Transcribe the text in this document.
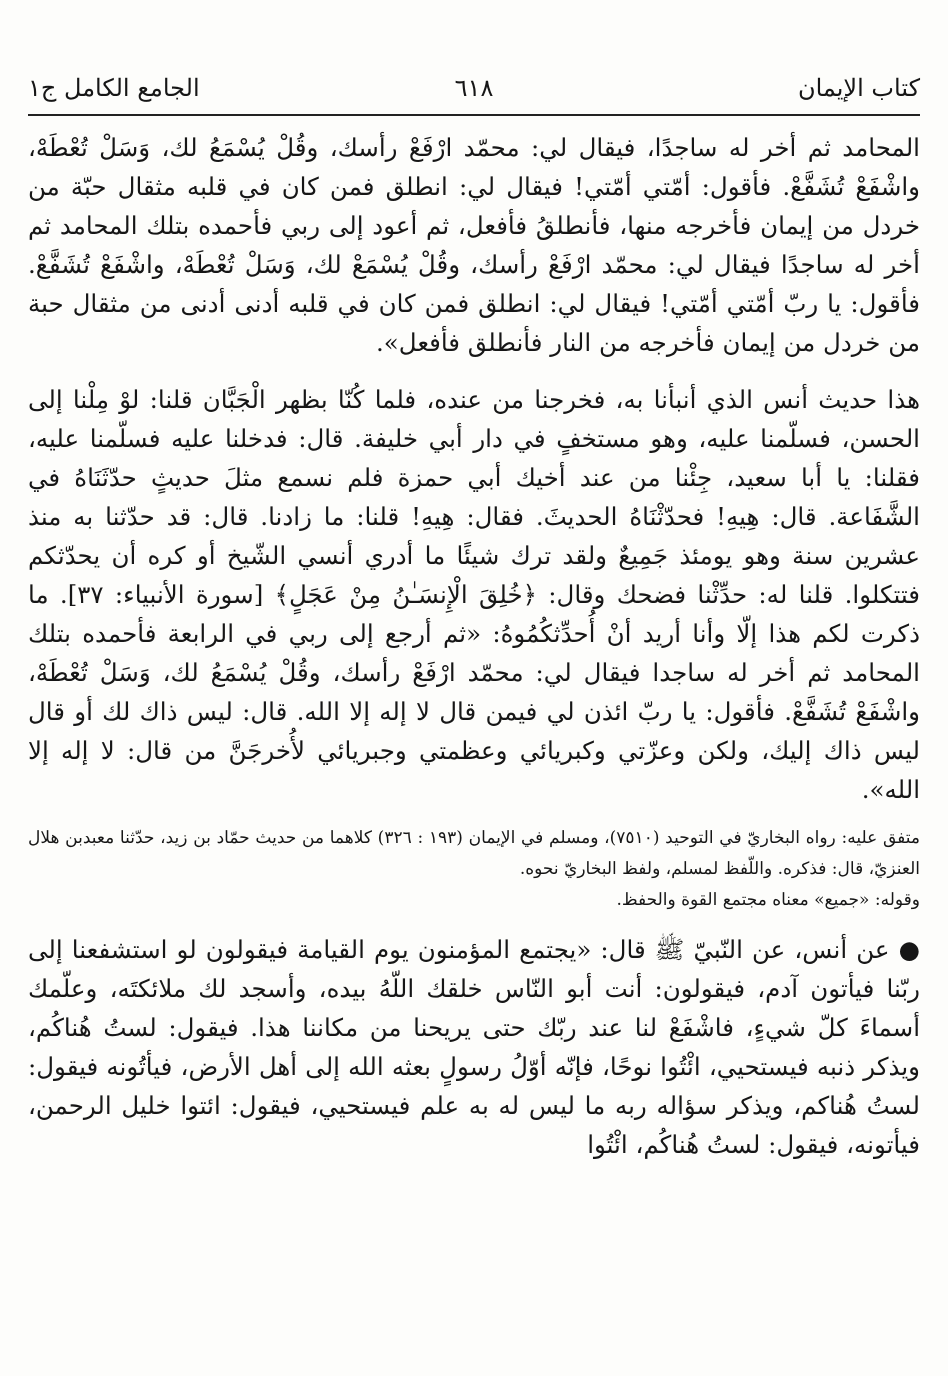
كتاب الإيمان
٦١٨
الجامع الكامل ج١

المحامد ثم أخر له ساجدًا، فيقال لي: محمّد ارْفَعْ رأسك، وقُلْ يُسْمَعُ لك، وَسَلْ تُعْطَهْ، واشْفَعْ تُشَفَّعْ. فأقول: أمّتي أمّتي! فيقال لي: انطلق فمن كان في قلبه مثقال حبّة من خردل من إيمان فأخرجه منها، فأنطلقُ فأفعل، ثم أعود إلى ربي فأحمده بتلك المحامد ثم أخر له ساجدًا فيقال لي: محمّد ارْفَعْ رأسك، وقُلْ يُسْمَعْ لك، وَسَلْ تُعْطَهْ، واشْفَعْ تُشَفَّعْ. فأقول: يا ربّ أمّتي أمّتي! فيقال لي: انطلق فمن كان في قلبه أدنى أدنى من مثقال حبة من خردل من إيمان فأخرجه من النار فأنطلق فأفعل».

هذا حديث أنس الذي أنبأنا به، فخرجنا من عنده، فلما كُنّا بظهر الْجَبَّان قلنا: لوْ مِلْنا إلى الحسن، فسلّمنا عليه، وهو مستخفٍ في دار أبي خليفة. قال: فدخلنا عليه فسلّمنا عليه، فقلنا: يا أبا سعيد، جِئْنا من عند أخيك أبي حمزة فلم نسمع مثلَ حديثٍ حدّثَنَاهُ في الشَّفَاعة. قال: هِيهِ! فحدّثْنَاهُ الحديثَ. فقال: هِيهِ! قلنا: ما زادنا. قال: قد حدّثنا به منذ عشرين سنة وهو يومئذ جَمِيعٌ ولقد ترك شيئًا ما أدري أنسي الشّيخ أو كره أن يحدّثكم فتتكلوا. قلنا له: حدِّثْنا فضحك وقال: ﴿خُلِقَ الْإِنسَـٰنُ مِنْ عَجَلٍ﴾ [سورة الأنبياء: ٣٧]. ما ذكرت لكم هذا إلّا وأنا أريد أنْ أُحدِّثكُمُوهُ: «ثم أرجع إلى ربي في الرابعة فأحمده بتلك المحامد ثم أخر له ساجدا فيقال لي: محمّد ارْفَعْ رأسك، وقُلْ يُسْمَعُ لك، وَسَلْ تُعْطَهْ، واشْفَعْ تُشَفَّعْ. فأقول: يا ربّ ائذن لي فيمن قال لا إله إلا الله. قال: ليس ذاك لك أو قال ليس ذاك إليك، ولكن وعزّتي وكبريائي وعظمتي وجبريائي لأُخرجَنَّ من قال: لا إله إلا الله».

متفق عليه: رواه البخاريّ في التوحيد (٧٥١٠)، ومسلم في الإيمان (١٩٣ : ٣٢٦) كلاهما من حديث حمّاد بن زيد، حدّثنا معبدبن هلال العنزيّ، قال: فذكره. واللّفظ لمسلم، ولفظ البخاريّ نحوه.

وقوله: «جميع» معناه مجتمع القوة والحفظ.

● عن أنس، عن النّبيّ ﷺ قال: «يجتمع المؤمنون يوم القيامة فيقولون لو استشفعنا إلى ربّنا فيأتون آدم، فيقولون: أنت أبو النّاس خلقك اللّهُ بيده، وأسجد لك ملائكتَه، وعلّمك أسماءَ كلّ شيءٍ، فاشْفَعْ لنا عند ربّك حتى يريحنا من مكاننا هذا. فيقول: لستُ هُناكُم، ويذكر ذنبه فيستحيي، ائْتُوا نوحًا، فإنّه أوّلُ رسولٍ بعثه الله إلى أهل الأرض، فيأتُونه فيقول: لستُ هُناكم، ويذكر سؤاله ربه ما ليس له به علم فيستحيي، فيقول: ائتوا خليل الرحمن، فيأتونه، فيقول: لستُ هُناكُم، ائْتُوا
